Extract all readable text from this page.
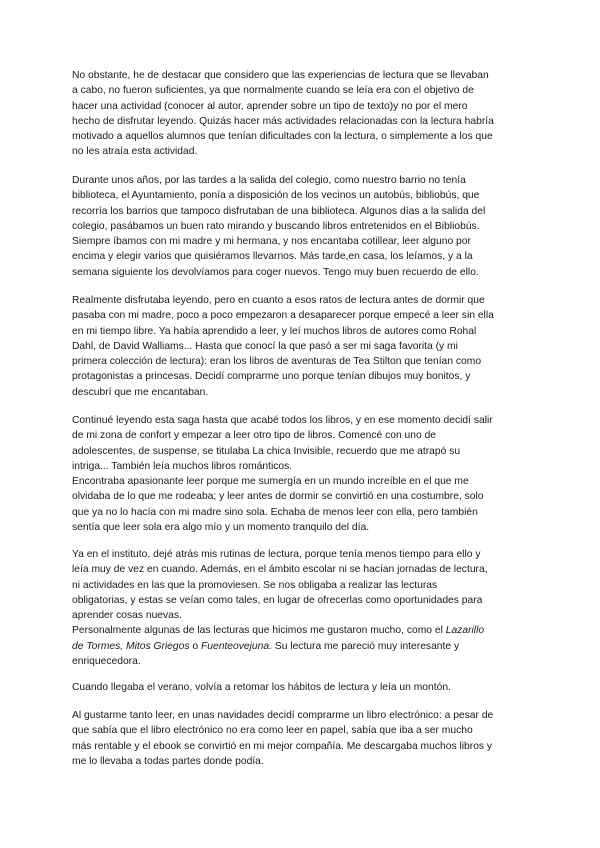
No obstante, he de destacar que considero que las experiencias de lectura que se llevaban
a cabo, no fueron suficientes, ya que normalmente cuando se leía era con el objetivo de
hacer una actividad (conocer al autor, aprender sobre un tipo de texto)y no por el mero
hecho de disfrutar leyendo. Quizás hacer más actividades relacionadas con la lectura habría
motivado a aquellos alumnos que tenían dificultades con la lectura, o simplemente a los que
no les atraía esta actividad.

Durante unos años, por las tardes a la salida del colegio, como nuestro barrio no tenía
biblioteca, el Ayuntamiento, ponía a disposición de los vecinos un autobús, bibliobús, que
recorría los barrios que tampoco disfrutaban de una biblioteca. Algunos días a la salida del
colegio, pasábamos un buen rato mirando y buscando libros entretenidos en el Bibliobús.
Siempre íbamos con mi madre y mi hermana, y nos encantaba cotillear, leer alguno por
encima y elegir varios que quisiéramos llevarnos. Más tarde,en casa, los leíamos, y a la
semana siguiente los devolvíamos para coger nuevos. Tengo muy buen recuerdo de ello.

Realmente disfrutaba leyendo, pero en cuanto a esos ratos de lectura antes de dormir que
pasaba con mi madre, poco a poco empezaron a desaparecer porque empecé a leer sin ella
en mi tiempo libre. Ya había aprendido a leer, y leí muchos libros de autores como Rohal
Dahl, de David Walliams... Hasta que conocí la que pasó a ser mi saga favorita (y mi
primera colección de lectura): eran los libros de aventuras de Tea Stilton que tenían como
protagonistas a princesas. Decidí comprarme uno porque tenían dibujos muy bonitos, y
descubrí que me encantaban.

Continué leyendo esta saga hasta que acabé todos los libros, y en ese momento decidí salir
de mi zona de confort y empezar a leer otro tipo de libros. Comencé con uno de
adolescentes, de suspense, se titulaba La chica Invisible, recuerdo que me atrapó su
intriga... También leía muchos libros románticos.
Encontraba apasionante leer porque me sumergía en un mundo increíble en el que me
olvidaba de lo que me rodeaba; y leer antes de dormir se convirtió en una costumbre, solo
que ya no lo hacía con mi madre sino sola. Echaba de menos leer con ella, pero también
sentía que leer sola era algo mío y un momento tranquilo del día.

Ya en el instituto, dejé atrás mis rutinas de lectura, porque tenía menos tiempo para ello y
leía muy de vez en cuando. Además, en el ámbito escolar ni se hacían jornadas de lectura,
ni actividades en las que la promoviesen. Se nos obligaba a realizar las lecturas
obligatorias, y estas se veían como tales, en lugar de ofrecerlas como oportunidades para
aprender cosas nuevas.
Personalmente algunas de las lecturas que hicimos me gustaron mucho, como el Lazarillo
de Tormes, Mitos Griegos o Fuenteovejuna. Su lectura me pareció muy interesante y
enriquecedora.

Cuando llegaba el verano, volvía a retomar los hábitos de lectura y leía un montón.

Al gustarme tanto leer, en unas navidades decidí comprarme un libro electrónico: a pesar de
que sabía que el libro electrónico no era como leer en papel, sabía que iba a ser mucho
más rentable y el ebook se convirtió en mi mejor compañía. Me descargaba muchos libros y
me lo llevaba a todas partes donde podía.
